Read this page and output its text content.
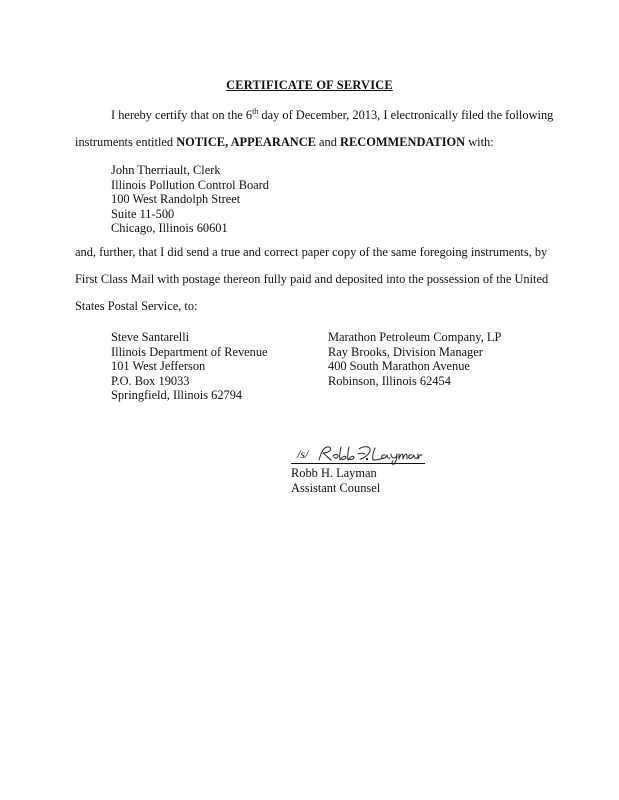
CERTIFICATE OF SERVICE
I hereby certify that on the 6th day of December, 2013, I electronically filed the following
instruments entitled NOTICE, APPEARANCE and RECOMMENDATION with:
John Therriault, Clerk
Illinois Pollution Control Board
100 West Randolph Street
Suite 11-500
Chicago, Illinois 60601
and, further, that I did send a true and correct paper copy of the same foregoing instruments, by
First Class Mail with postage thereon fully paid and deposited into the possession of the United
States Postal Service, to:
Steve Santarelli
Illinois Department of Revenue
101 West Jefferson
P.O. Box 19033
Springfield, Illinois 62794
Marathon Petroleum Company, LP
Ray Brooks, Division Manager
400 South Marathon Avenue
Robinson, Illinois 62454
/s/
Robb H. Layman
Assistant Counsel
